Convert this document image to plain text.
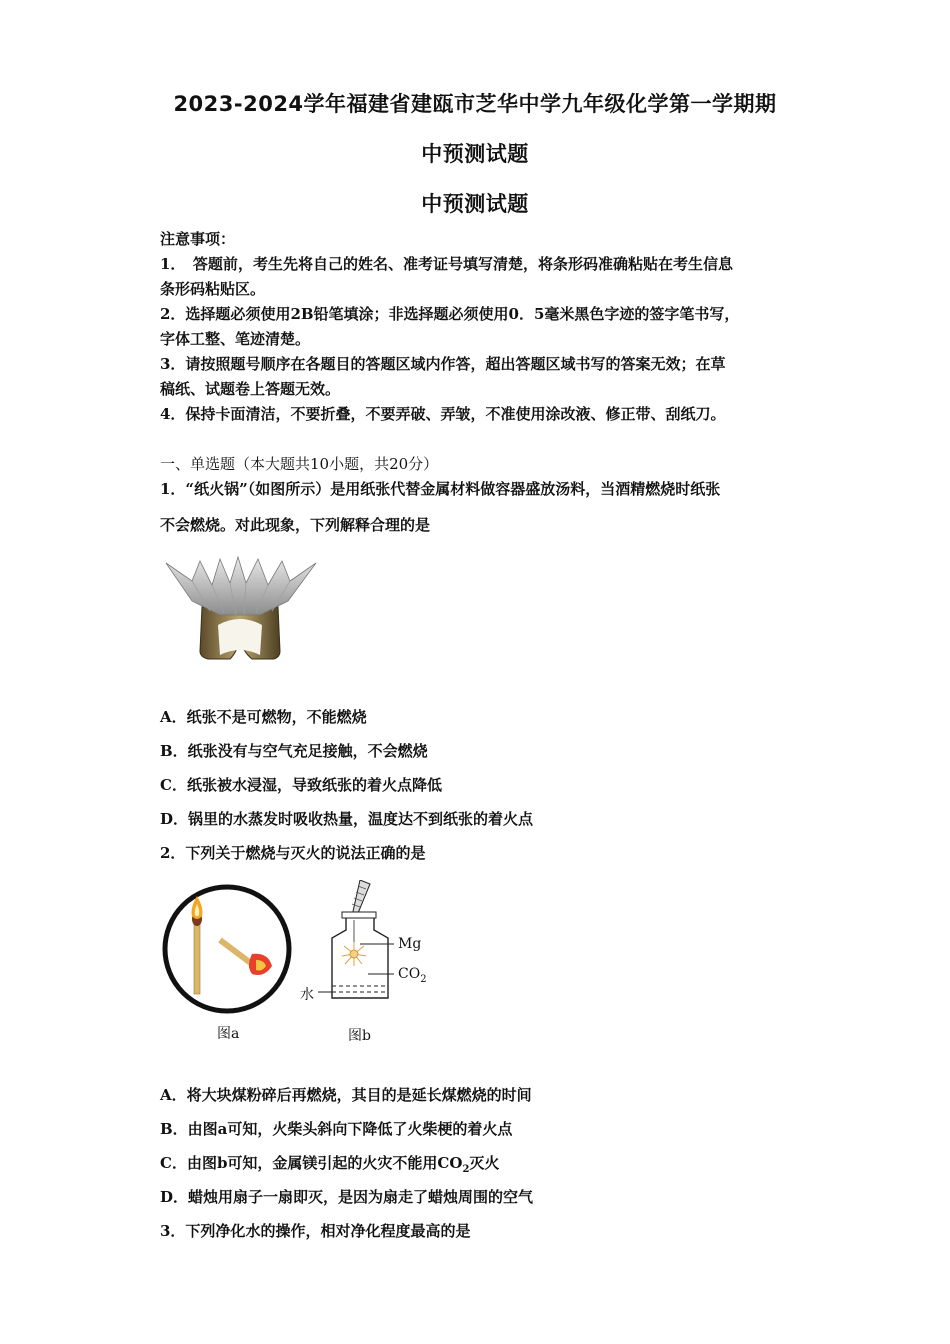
2023-2024学年福建省建瓯市芝华中学九年级化学第一学期期
中预测试题
中预测试题
注意事项：
1．　答题前，考生先将自己的姓名、准考证号填写清楚，将条形码准确粘贴在考生信息
条形码粘贴区。
2．选择题必须使用2B铅笔填涂；非选择题必须使用0．5毫米黑色字迹的签字笔书写，
字体工整、笔迹清楚。
3．请按照题号顺序在各题目的答题区域内作答，超出答题区域书写的答案无效；在草
稿纸、试题卷上答题无效。
4．保持卡面清洁，不要折叠，不要弄破、弄皱，不准使用涂改液、修正带、刮纸刀。
一、单选题（本大题共10小题，共20分）
1．“纸火锅”（如图所示）是用纸张代替金属材料做容器盛放汤料，当酒精燃烧时纸张
不会燃烧。对此现象，下列解释合理的是
A．纸张不是可燃物，不能燃烧
B．纸张没有与空气充足接触，不会燃烧
C．纸张被水浸湿，导致纸张的着火点降低
D．锅里的水蒸发时吸收热量，温度达不到纸张的着火点
2．下列关于燃烧与灭火的说法正确的是
Mg
$CO_2$
水
图a	图b
A．将大块煤粉碎后再燃烧，其目的是延长煤燃烧的时间
B．由图a可知，火柴头斜向下降低了火柴梗的着火点
C．由图b可知，金属镁引起的火灾不能用$CO_2$灭火
D．蜡烛用扇子一扇即灭，是因为扇走了蜡烛周围的空气
3．下列净化水的操作，相对净化程度最高的是
